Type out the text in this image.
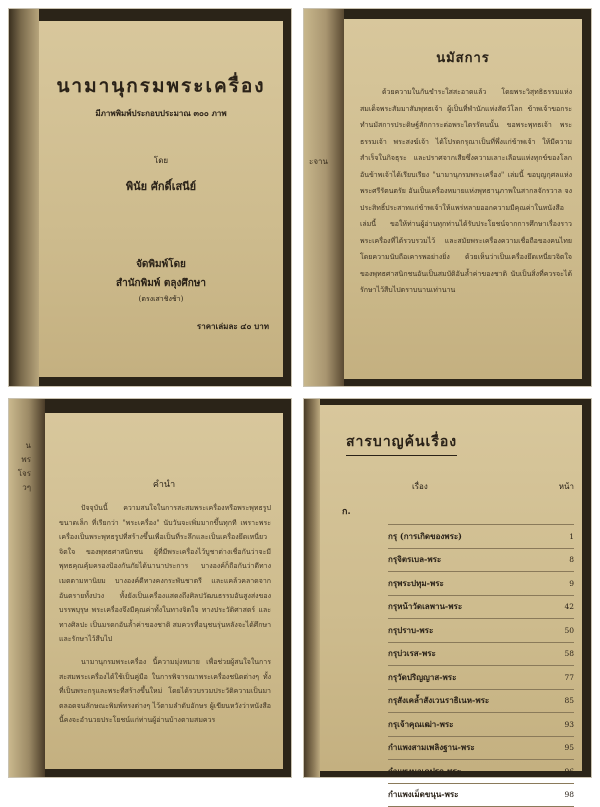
นามานุกรมพระเครื่อง
มีภาพพิมพ์ประกอบประมาณ ๓๐๐ ภาพ
โดย
พินัย ศักดิ์เสนีย์
จัดพิมพ์โดย
สำนักพิมพ์ ตลุงศึกษา
(ตรงเสาชิงช้า)
ราคาเล่มละ ๔๐ บาท
ะจาน
นมัสการ
ด้วยความในกันขำระใสสะอาดแล้ว โดยพระวิสุทธิธรรมแห่งสมเด็จพระสัมมาสัมพุทธเจ้า ผู้เป็นที่พำนักแห่งสัตว์โลก ข้าพเจ้าขอกระทำนมัสการประดิษฐ์สักการะต่อพระไตรรัตนนั้น ขอพระพุทธเจ้า พระธรรมเจ้า พระสงฆ์เจ้า ได้โปรดกรุณาเป็นที่พึ่งแก่ข้าพเจ้า ให้มีความสำเร็จในกิจธุระ และปราศจากเสียซึ่งความเลาะเลือนแห่งทุกข์ของโลก อันข้าพเจ้าได้เรียบเรียง "นามานุกรมพระเครื่อง" เล่มนี้ ขอบุญกุศลแห่งพระศรีรัตนตรัย อันเป็นเครื่องหมายแห่งพุทธานุภาพในสากลจักรวาล จงประสิทธิ์ประสาทแก่ข้าพเจ้าให้แพร่หลายออกความมีคุณค่าในหนังสือเล่มนี้ ขอให้ท่านผู้อ่านทุกท่านได้รับประโยชน์จากการศึกษาเรื่องราวพระเครื่องที่ได้รวบรวมไว้ และสมัยพระเครื่องความเชื่อถือของคนไทย โดยความนับถือเคารพอย่างยิ่ง ด้วยเห็นว่าเป็นเครื่องยึดเหนี่ยวจิตใจ ของพุทธศาสนิกชนอันเป็นสมบัติอันล้ำค่าของชาติ นับเป็นสิ่งที่ควรจะได้รักษาไว้สืบไปตราบนานเท่านาน
น
พร
โจร
วๆ	คำนำ

ปัจจุบันนี้ ความสนใจในการสะสมพระเครื่องหรือพระพุทธรูปขนาดเล็ก ที่เรียกว่า "พระเครื่อง" นับวันจะเพิ่มมากขึ้นทุกที เพราะพระเครื่องเป็นพระพุทธรูปที่สร้างขึ้นเพื่อเป็นที่ระลึกและเป็นเครื่องยึดเหนี่ยวจิตใจ ของพุทธศาสนิกชน ผู้ที่มีพระเครื่องไว้บูชาต่างเชื่อกันว่าจะมีพุทธคุณคุ้มครองป้องกันภัยได้นานาประการ บางองค์ก็ถือกันว่าดีทางเมตตามหานิยม บางองค์ดีทางคงกระพันชาตรี และแคล้วคลาดจากอันตรายทั้งปวง ทั้งยังเป็นเครื่องแสดงถึงศิลปวัฒนธรรมอันสูงส่งของบรรพบุรุษ พระเครื่องจึงมีคุณค่าทั้งในทางจิตใจ ทางประวัติศาสตร์ และทางศิลปะ เป็นมรดกอันล้ำค่าของชาติ สมควรที่อนุชนรุ่นหลังจะได้ศึกษาและรักษาไว้สืบไป

นามานุกรมพระเครื่อง นี้ความมุ่งหมาย เพื่อช่วยผู้สนใจในการสะสมพระเครื่องได้ใช้เป็นคู่มือ ในการพิจารณาพระเครื่องชนิดต่างๆ ทั้งที่เป็นพระกรุและพระที่สร้างขึ้นใหม่ โดยได้รวบรวมประวัติความเป็นมา ตลอดจนลักษณะพิมพ์ทรงต่างๆ ไว้ตามลำดับอักษร ผู้เขียนหวังว่าหนังสือนี้คงจะอำนวยประโยชน์แก่ท่านผู้อ่านบ้างตามสมควร

สารบาญค้นเรื่อง
เรื่อง	หน้า
ก.
กรุ (การเกิดของพระ)	1
กรุจิตรเบล-พระ	8
กรุพระปทุม-พระ	9
กรุหน้าวัดเลพาน-พระ	42
กรุปราบ-พระ	50
กรุบ่วเรส-พระ	58
กรุวัดปริญญาส-พระ	77
กรุสังเคล้ำสังเวนราธิเนห-พระ	85
กรุเจ้าคุณเฒ่า-พระ	93
กำแพงสามเพลิงฐาน-พระ	95
กำแพงนาเคปรก-พระ	96
กำแพงเม็ดขนุน-พระ	98
